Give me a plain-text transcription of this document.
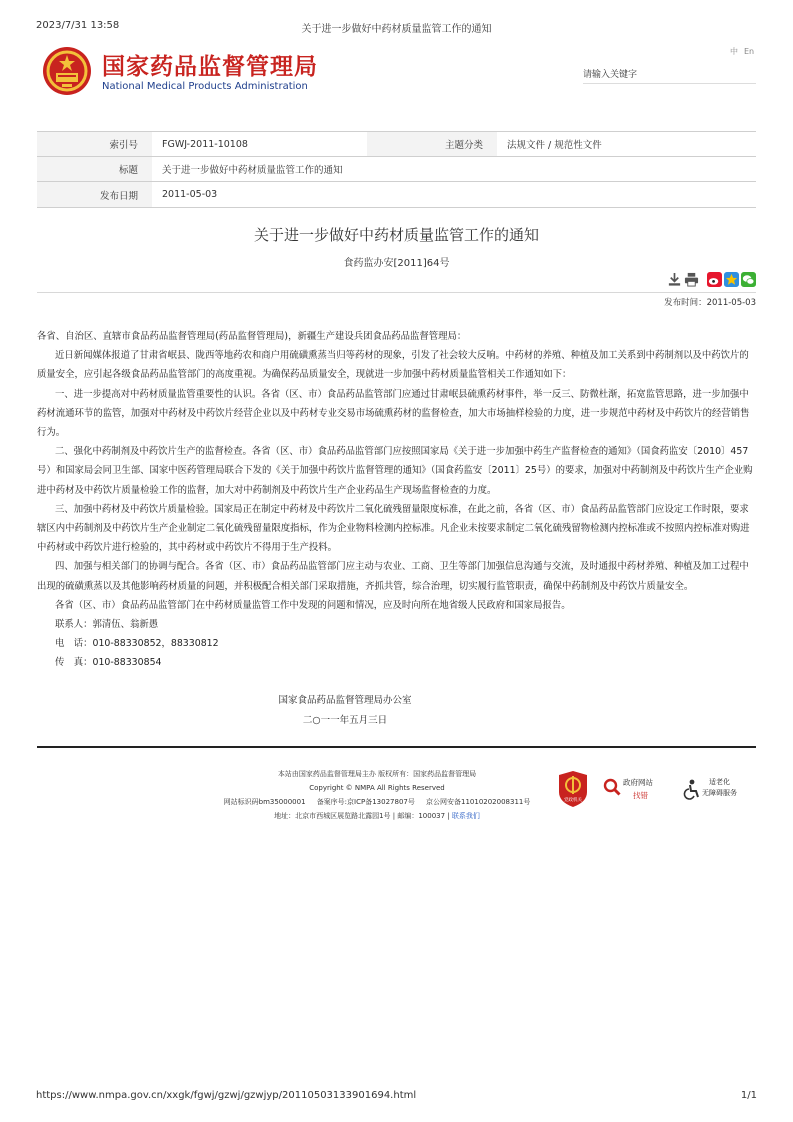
2023/7/31 13:58	关于进一步做好中药材质量监管工作的通知
国家药品监督管理局
National Medical Products Administration
中 En
请输入关键字
索引号	FGWJ-2011-10108	主题分类	法规文件 / 规范性文件
标题	关于进一步做好中药材质量监管工作的通知		
发布日期	2011-05-03		
关于进一步做好中药材质量监管工作的通知
食药监办安[2011]64号
发布时间：2011-05-03

各省、自治区、直辖市食品药品监督管理局(药品监督管理局)，新疆生产建设兵团食品药品监督管理局：

近日新闻媒体报道了甘肃省岷县、陇西等地药农和商户用硫磺熏蒸当归等药材的现象，引发了社会较大反响。中药材的养殖、种植及加工关系到中药制剂以及中药饮片的质量安全，应引起各级食品药品监管部门的高度重视。为确保药品质量安全，现就进一步加强中药材质量监管相关工作通知如下：

一、进一步提高对中药材质量监管重要性的认识。各省（区、市）食品药品监管部门应通过甘肃岷县硫熏药材事件，举一反三、防微杜渐，拓宽监管思路，进一步加强中药材流通环节的监管，加强对中药材及中药饮片经营企业以及中药材专业交易市场硫熏药材的监督检查，加大市场抽样检验的力度，进一步规范中药材及中药饮片的经营销售行为。

二、强化中药制剂及中药饮片生产的监督检查。各省（区、市）食品药品监管部门应按照国家局《关于进一步加强中药生产监督检查的通知》（国食药监安〔2010〕457号）和国家局会同卫生部、国家中医药管理局联合下发的《关于加强中药饮片监督管理的通知》（国食药监安〔2011〕25号）的要求，加强对中药制剂及中药饮片生产企业购进中药材及中药饮片质量检验工作的监督，加大对中药制剂及中药饮片生产企业药品生产现场监督检查的力度。

三、加强中药材及中药饮片质量检验。国家局正在制定中药材及中药饮片二氧化硫残留量限度标准，在此之前，各省（区、市）食品药品监管部门应设定工作时限，要求辖区内中药制剂及中药饮片生产企业制定二氧化硫残留量限度指标，作为企业物料检测内控标准。凡企业未按要求制定二氧化硫残留物检测内控标准或不按照内控标准对购进中药材或中药饮片进行检验的，其中药材或中药饮片不得用于生产投料。

四、加强与相关部门的协调与配合。各省（区、市）食品药品监管部门应主动与农业、工商、卫生等部门加强信息沟通与交流，及时通报中药材养殖、种植及加工过程中出现的硫磺熏蒸以及其他影响药材质量的问题，并积极配合相关部门采取措施，齐抓共管，综合治理，切实履行监管职责，确保中药制剂及中药饮片质量安全。

各省（区、市）食品药品监管部门在中药材质量监管工作中发现的问题和情况，应及时向所在地省级人民政府和国家局报告。

联系人：郭清伍、翁新愚

电　话：010-88330852，88330812

传　真：010-88330854

国家食品药品监督管理局办公室
二○一一年五月三日
本站由国家药品监督管理局主办 版权所有：国家药品监督管理局
Copyright © NMPA All Rights Reserved
网站标识码bm35000001 备案序号:京ICP备13027807号 京公网安备11010202008311号
地址：北京市西城区展览路北露园1号 | 邮编：100037 | 联系我们
党政机关
政府网站
找错
适老化
无障碍服务
https://www.nmpa.gov.cn/xxgk/fgwj/gzwj/gzwjyp/20110503133901694.html	1/1
